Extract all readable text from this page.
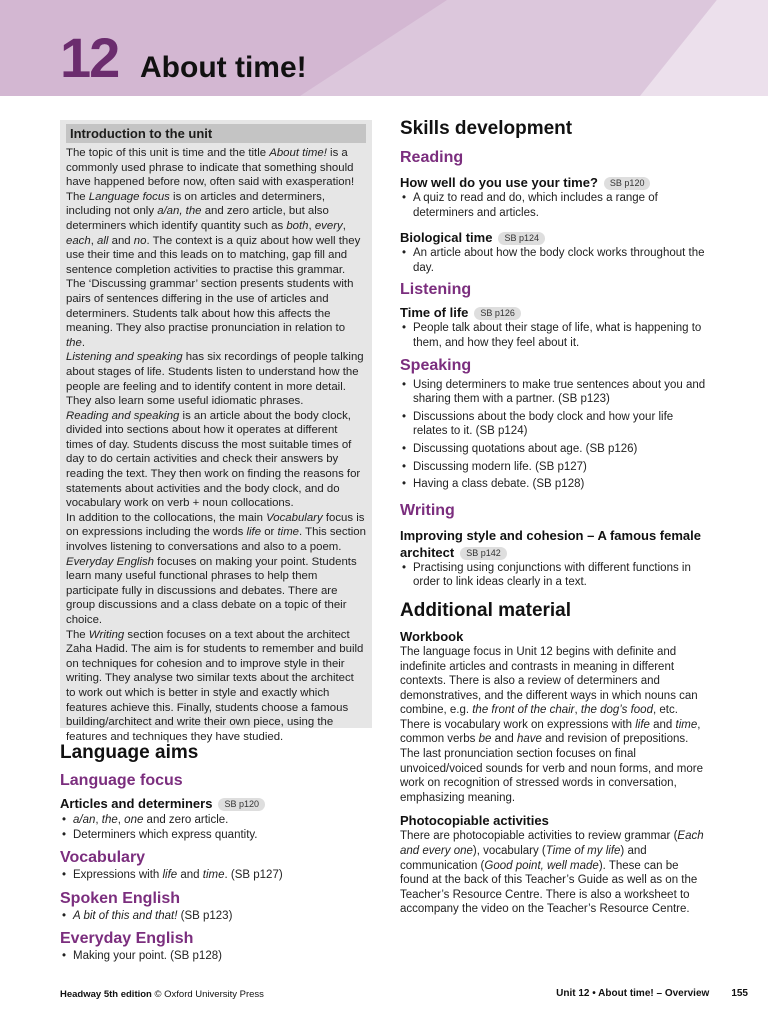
12 About time!
Introduction to the unit

The topic of this unit is time and the title About time! is a commonly used phrase to indicate that something should have happened before now, often said with exasperation!

The Language focus is on articles and determiners, including not only a/an, the and zero article, but also determiners which identify quantity such as both, every, each, all and no. The context is a quiz about how well they use their time and this leads on to matching, gap fill and sentence completion activities to practise this grammar. The ‘Discussing grammar’ section presents students with pairs of sentences differing in the use of articles and determiners. Students talk about how this affects the meaning. They also practise pronunciation in relation to the.

Listening and speaking has six recordings of people talking about stages of life. Students listen to understand how the people are feeling and to identify content in more detail. They also learn some useful idiomatic phrases.

Reading and speaking is an article about the body clock, divided into sections about how it operates at different times of day. Students discuss the most suitable times of day to do certain activities and check their answers by reading the text. They then work on finding the reasons for statements about activities and the body clock, and do vocabulary work on verb + noun collocations.

In addition to the collocations, the main Vocabulary focus is on expressions including the words life or time. This section involves listening to conversations and also to a poem.

Everyday English focuses on making your point. Students learn many useful functional phrases to help them participate fully in discussions and debates. There are group discussions and a class debate on a topic of their choice.

The Writing section focuses on a text about the architect Zaha Hadid. The aim is for students to remember and build on techniques for cohesion and to improve style in their writing. They analyse two similar texts about the architect to work out which is better in style and exactly which features achieve this. Finally, students choose a famous building/architect and write their own piece, using the features and techniques they have studied.

Language aims
Language focus
Articles and determiners SB p120
• a/an, the, one and zero article.
• Determiners which express quantity.
Vocabulary
• Expressions with life and time. (SB p127)
Spoken English
• A bit of this and that! (SB p123)
Everyday English
• Making your point. (SB p128)
Skills development
Reading
How well do you use your time? SB p120
• A quiz to read and do, which includes a range of determiners and articles.
Biological time SB p124
• An article about how the body clock works throughout the day.
Listening
Time of life SB p126
• People talk about their stage of life, what is happening to them, and how they feel about it.
Speaking
• Using determiners to make true sentences about you and sharing them with a partner. (SB p123)
• Discussions about the body clock and how your life relates to it. (SB p124)
• Discussing quotations about age. (SB p126)
• Discussing modern life. (SB p127)
• Having a class debate. (SB p128)
Writing
Improving style and cohesion – A famous female architect SB p142
• Practising using conjunctions with different functions in order to link ideas clearly in a text.
Additional material
Workbook

The language focus in Unit 12 begins with definite and indefinite articles and contrasts in meaning in different contexts. There is also a review of determiners and demonstratives, and the different ways in which nouns can combine, e.g. the front of the chair, the dog’s food, etc.

There is vocabulary work on expressions with life and time, common verbs be and have and revision of prepositions. The last pronunciation section focuses on final unvoiced/voiced sounds for verb and noun forms, and more work on recognition of stressed words in conversation, emphasizing meaning.

Photocopiable activities

There are photocopiable activities to review grammar (Each and every one), vocabulary (Time of my life) and communication (Good point, well made). These can be found at the back of this Teacher’s Guide as well as on the Teacher’s Resource Centre. There is also a worksheet to accompany the video on the Teacher’s Resource Centre.

Headway 5th edition © Oxford University Press	Unit 12 • About time! – Overview 155
